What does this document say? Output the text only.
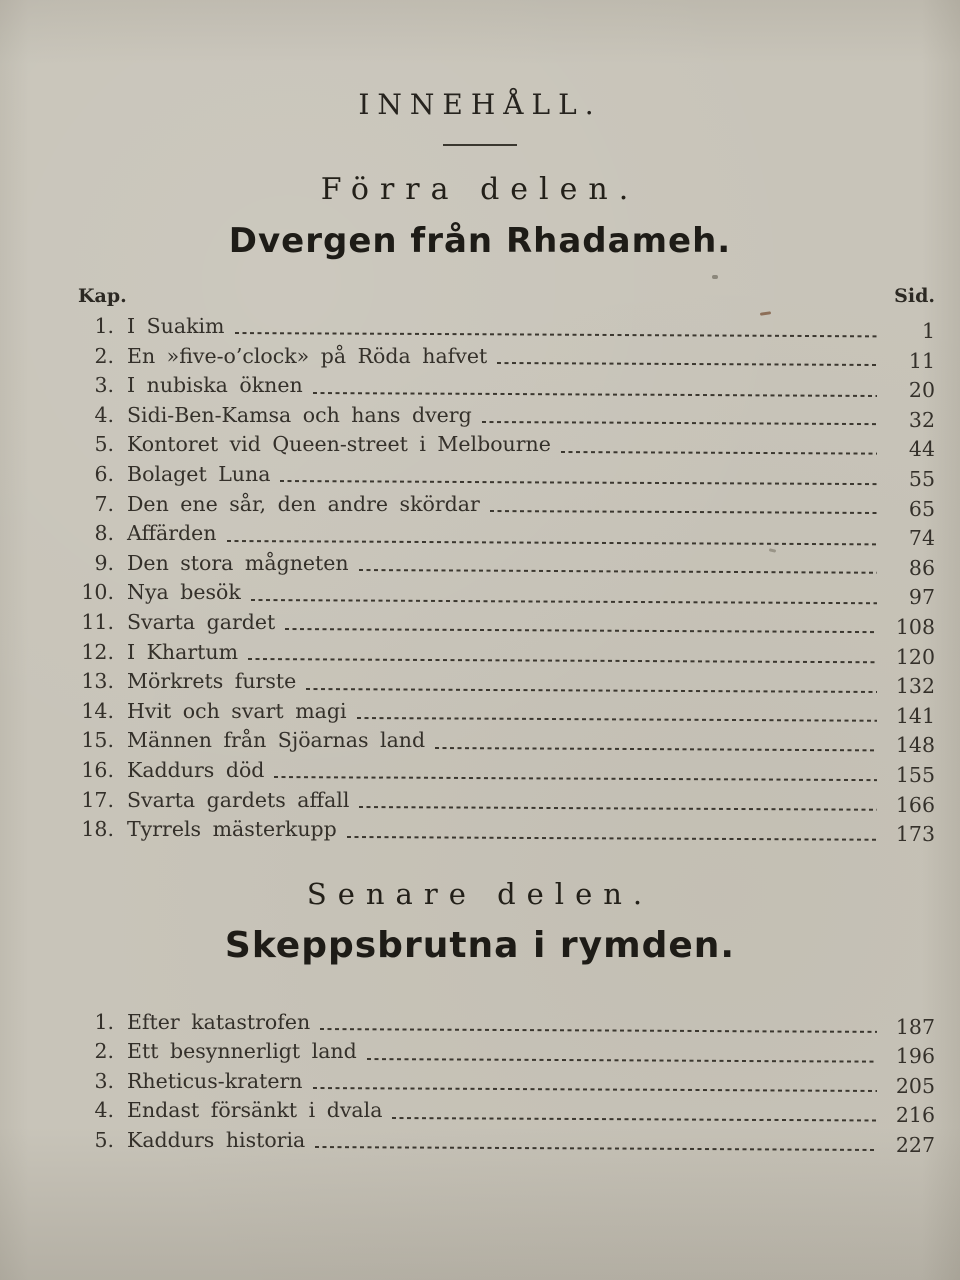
INNEHÅLL.
Förra delen.
Dvergen från Rhadameh.
Kap.	Sid.
1. I Suakim	1
2. En »five-o’clock» på Röda hafvet	11
3. I nubiska öknen	20
4. Sidi-Ben-Kamsa och hans dverg	32
5. Kontoret vid Queen-street i Melbourne	44
6. Bolaget Luna	55
7. Den ene sår, den andre skördar	65
8. Affärden	74
9. Den stora mågneten	86
10. Nya besök	97
11. Svarta gardet	108
12. I Khartum	120
13. Mörkrets furste	132
14. Hvit och svart magi	141
15. Männen från Sjöarnas land	148
16. Kaddurs död	155
17. Svarta gardets affall	166
18. Tyrrels mästerkupp	173
Senare delen.
Skeppsbrutna i rymden.
1. Efter katastrofen	187
2. Ett besynnerligt land	196
3. Rheticus-kratern	205
4. Endast försänkt i dvala	216
5. Kaddurs historia	227
